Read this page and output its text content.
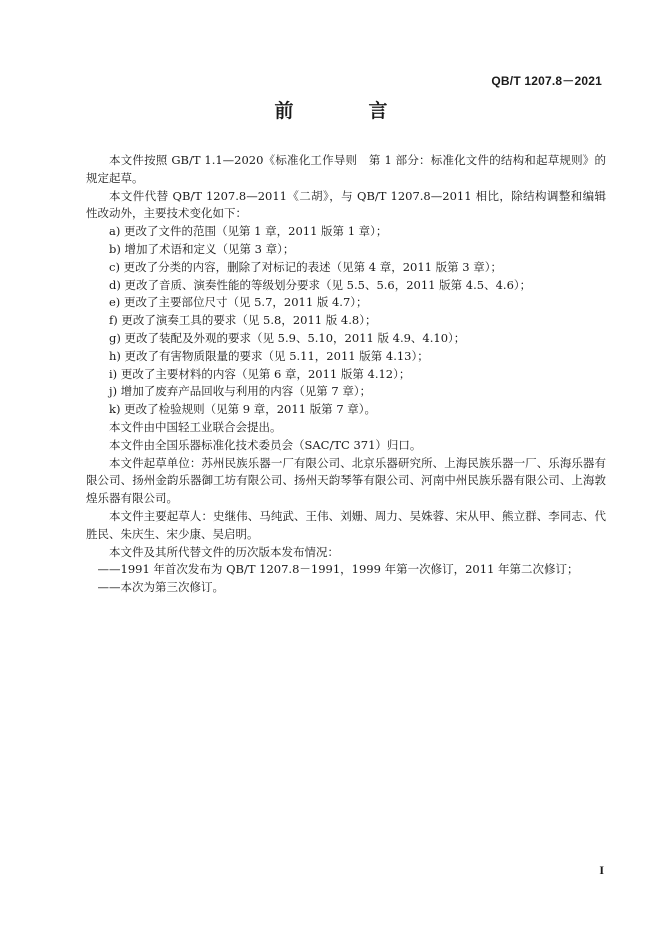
QB/T 1207.8－2021
前　言

本文件按照 GB/T 1.1—2020《标准化工作导则　第 1 部分：标准化文件的结构和起草规则》的规定起草。

本文件代替 QB/T 1207.8—2011《二胡》，与 QB/T 1207.8—2011 相比，除结构调整和编辑性改动外，主要技术变化如下：

a) 更改了文件的范围（见第 1 章，2011 版第 1 章）；

b) 增加了术语和定义（见第 3 章）；

c) 更改了分类的内容，删除了对标记的表述（见第 4 章，2011 版第 3 章）；

d) 更改了音质、演奏性能的等级划分要求（见 5.5、5.6，2011 版第 4.5、4.6）；

e) 更改了主要部位尺寸（见 5.7，2011 版 4.7）；

f) 更改了演奏工具的要求（见 5.8，2011 版 4.8）；

g) 更改了装配及外观的要求（见 5.9、5.10，2011 版 4.9、4.10）；

h) 更改了有害物质限量的要求（见 5.11，2011 版第 4.13）；

i) 更改了主要材料的内容（见第 6 章，2011 版第 4.12）；

j) 增加了废弃产品回收与利用的内容（见第 7 章）；

k) 更改了检验规则（见第 9 章，2011 版第 7 章）。

本文件由中国轻工业联合会提出。

本文件由全国乐器标准化技术委员会（SAC/TC 371）归口。

本文件起草单位：苏州民族乐器一厂有限公司、北京乐器研究所、上海民族乐器一厂、乐海乐器有限公司、扬州金韵乐器御工坊有限公司、扬州天韵琴筝有限公司、河南中州民族乐器有限公司、上海敦煌乐器有限公司。

本文件主要起草人：史继伟、马纯武、王伟、刘姗、周力、吴姝蓉、宋从甲、熊立群、李同志、代胜民、朱庆生、宋少康、吴启明。

本文件及其所代替文件的历次版本发布情况：

——1991 年首次发布为 QB/T 1207.8－1991，1999 年第一次修订，2011 年第二次修订；

——本次为第三次修订。

I
